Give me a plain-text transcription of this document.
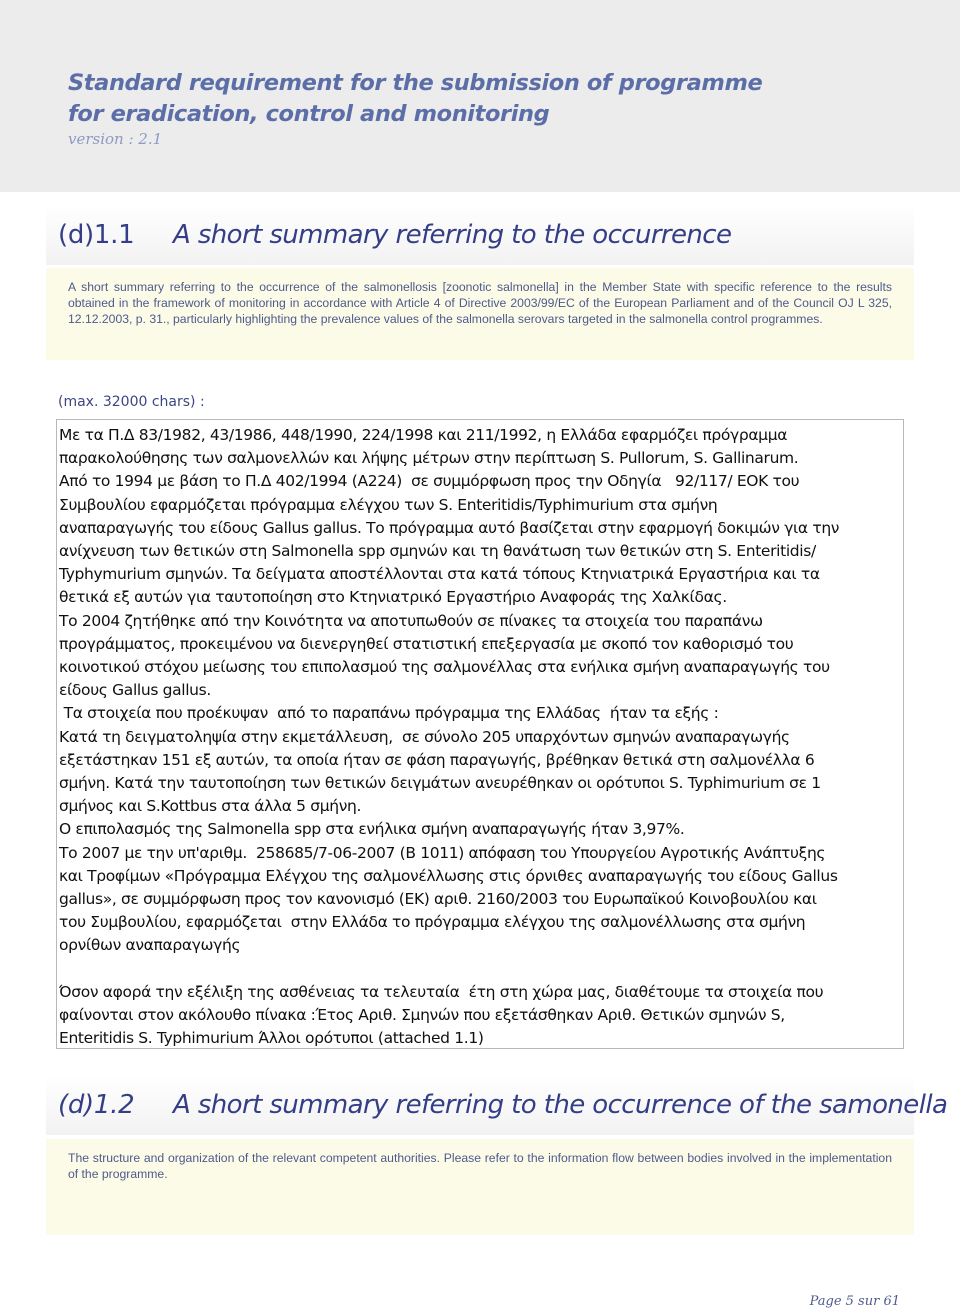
Standard requirement for the submission of programme
for eradication, control and monitoring
version : 2.1
(d)1.1 A short summary referring to the occurrence

A short summary referring to the occurrence of the salmonellosis [zoonotic salmonella] in the Member State with specific reference to the results obtained in the framework of monitoring in accordance with Article 4 of Directive 2003/99/EC of the European Parliament and of the Council OJ L 325, 12.12.2003, p. 31., particularly highlighting the prevalence values of the salmonella serovars targeted in the salmonella control programmes.

(max. 32000 chars) :

Με τα Π.Δ 83/1982, 43/1986, 448/1990, 224/1998 και 211/1992, η Ελλάδα εφαρμόζει πρόγραμμα

παρακολούθησης των σαλμονελλών και λήψης μέτρων στην περίπτωση S. Pullorum, S. Gallinarum.

Από το 1994 με βάση το Π.Δ 402/1994 (Α224)  σε συμμόρφωση προς την Οδηγία   92/117/ ΕΟΚ του

Συμβουλίου εφαρμόζεται πρόγραμμα ελέγχου των S. Enteritidis/Typhimurium στα σμήνη

αναπαραγωγής του είδους Gallus gallus. Το πρόγραμμα αυτό βασίζεται στην εφαρμογή δοκιμών για την

ανίχνευση των θετικών στη Salmonella spp σμηνών και τη θανάτωση των θετικών στη S. Enteritidis/

Typhymurium σμηνών. Τα δείγματα αποστέλλονται στα κατά τόπους Κτηνιατρικά Εργαστήρια και τα

θετικά εξ αυτών για ταυτοποίηση στο Κτηνιατρικό Εργαστήριο Αναφοράς της Χαλκίδας.

Το 2004 ζητήθηκε από την Κοινότητα να αποτυπωθούν σε πίνακες τα στοιχεία του παραπάνω

προγράμματος, προκειμένου να διενεργηθεί στατιστική επεξεργασία με σκοπό τον καθορισμό του

κοινοτικού στόχου μείωσης του επιπολασμού της σαλμονέλλας στα ενήλικα σμήνη αναπαραγωγής του

είδους Gallus gallus.

Τα στοιχεία που προέκυψαν  από το παραπάνω πρόγραμμα της Ελλάδας  ήταν τα εξής :

Κατά τη δειγματοληψία στην εκμετάλλευση,  σε σύνολο 205 υπαρχόντων σμηνών αναπαραγωγής

εξετάστηκαν 151 εξ αυτών, τα οποία ήταν σε φάση παραγωγής, βρέθηκαν θετικά στη σαλμονέλλα 6

σμήνη. Κατά την ταυτοποίηση των θετικών δειγμάτων ανευρέθηκαν οι ορότυποι S. Typhimurium σε 1

σμήνος και S.Kottbus στα άλλα 5 σμήνη.

Ο επιπολασμός της Salmonella spp στα ενήλικα σμήνη αναπαραγωγής ήταν 3,97%.

Το 2007 με την υπ'αριθμ.  258685/7-06-2007 (Β 1011) απόφαση του Υπουργείου Αγροτικής Ανάπτυξης

και Τροφίμων «Πρόγραμμα Ελέγχου της σαλμονέλλωσης στις όρνιθες αναπαραγωγής του είδους Gallus

gallus», σε συμμόρφωση προς τον κανονισμό (ΕΚ) αριθ. 2160/2003 του Ευρωπαϊκού Κοινοβουλίου και

του Συμβουλίου, εφαρμόζεται  στην Ελλάδα το πρόγραμμα ελέγχου της σαλμονέλλωσης στα σμήνη

ορνίθων αναπαραγωγής

Όσον αφορά την εξέλιξη της ασθένειας τα τελευταία  έτη στη χώρα μας, διαθέτουμε τα στοιχεία που

φαίνονται στον ακόλουθο πίνακα :Έτος Αριθ. Σμηνών που εξετάσθηκαν Αριθ. Θετικών σμηνών S,

Enteritidis S. Typhimurium Άλλοι ορότυποι (attached 1.1)

(d)1.2 A short summary referring to the occurrence of the samonella

The structure and organization of the relevant competent authorities. Please refer to the information flow between bodies involved in the implementation of the programme.

Page 5 sur 61
